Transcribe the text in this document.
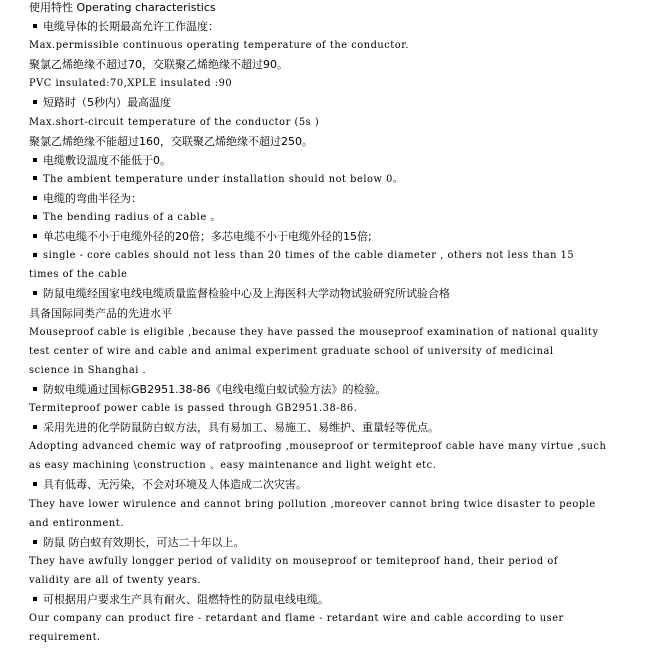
使用特性 Operating characteristics
电缆导体的长期最高允许工作温度：
Max.permissible continuous operating temperature of the conductor.
聚氯乙烯绝缘不超过70，交联聚乙烯绝缘不超过90。
PVC insulated:70,XPLE insulated :90
短路时（5秒内）最高温度
Max.short-circuit temperature of the conductor (5s )
聚氯乙烯绝缘不能超过160，交联聚乙烯绝缘不超过250。
电缆敷设温度不能低于0。
The ambient temperature under installation should not below 0。
电缆的弯曲半径为：
The bending radius of a cable 。
单芯电缆不小于电缆外径的20倍；多芯电缆不小于电缆外径的15倍;
single - core cables should not less than 20 times of the cable diameter , others not less than 15
times of the cable
防鼠电缆经国家电线电缆质量监督检验中心及上海医科大学动物试验研究所试验合格
具备国际同类产品的先进水平
Mouseproof cable is eligible ,because they have passed the mouseproof examination of national quality
test center of wire and cable and animal experiment graduate school of university of medicinal
science in Shanghai .
防蚁电缆通过国标GB2951.38-86《电线电缆白蚁试验方法》的检验。
Termiteproof power cable is passed through GB2951.38-86.
采用先进的化学防鼠防白蚁方法，具有易加工、易施工、易维护、重量轻等优点。
Adopting advanced chemic way of ratproofing ,mouseproof or termiteproof cable have many virtue ,such
as easy machining \construction 、easy maintenance and light weight etc.
具有低毒、无污染，不会对环境及人体造成二次灾害。
They have lower wirulence and cannot bring pollution ,moreover cannot bring twice disaster to people
and entironment.
防鼠 防白蚁有效期长，可达二十年以上。
They have awfully longger period of validity on mouseproof or temiteproof hand, their period of
validity are all of twenty years.
可根据用户要求生产具有耐火、阻燃特性的防鼠电线电缆。
Our company can product fire - retardant and flame - retardant wire and cable according to user
requirement.
